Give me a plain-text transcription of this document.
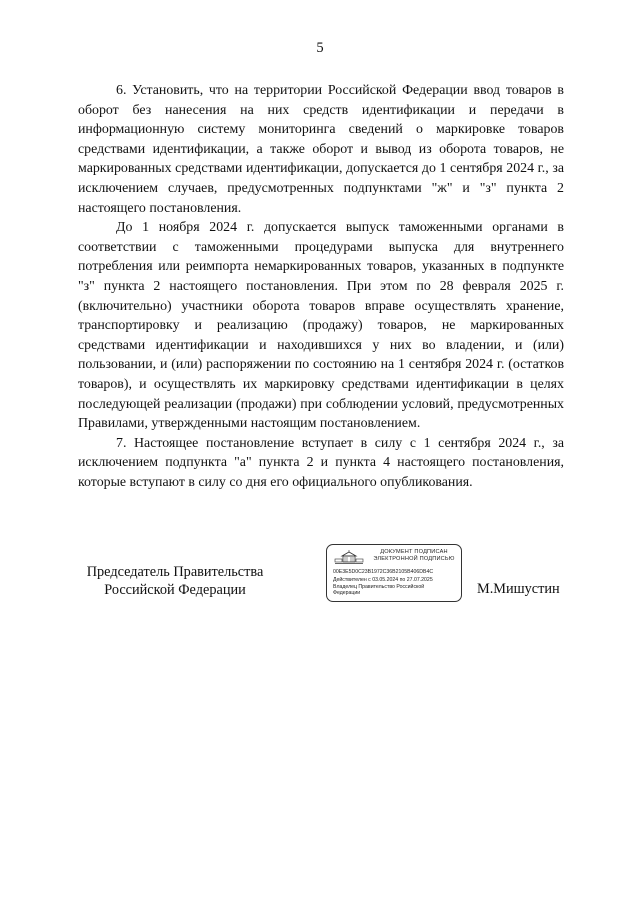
5

6. Установить, что на территории Российской Федерации ввод товаров в оборот без нанесения на них средств идентификации и передачи в информационную систему мониторинга сведений о маркировке товаров средствами идентификации, а также оборот и вывод из оборота товаров, не маркированных средствами идентификации, допускается до 1 сентября 2024 г., за исключением случаев, предусмотренных подпунктами "ж" и "з" пункта 2 настоящего постановления.

До 1 ноября 2024 г. допускается выпуск таможенными органами в соответствии с таможенными процедурами выпуска для внутреннего потребления или реимпорта немаркированных товаров, указанных в подпункте "з" пункта 2 настоящего постановления. При этом по 28 февраля 2025 г. (включительно) участники оборота товаров вправе осуществлять хранение, транспортировку и реализацию (продажу) товаров, не маркированных средствами идентификации и находившихся у них во владении, и (или) пользовании, и (или) распоряжении по состоянию на 1 сентября 2024 г. (остатков товаров), и осуществлять их маркировку средствами идентификации в целях последующей реализации (продажи) при соблюдении условий, предусмотренных Правилами, утвержденными настоящим постановлением.

7. Настоящее постановление вступает в силу с 1 сентября 2024 г., за исключением подпункта "а" пункта 2 и пункта 4 настоящего постановления, которые вступают в силу со дня его официального опубликования.

Председатель Правительства
Российской Федерации
ДОКУМЕНТ ПОДПИСАН
ЭЛЕКТРОННОЙ ПОДПИСЬЮ
00E3E5D0C23B1972C36B2105B406DB4C
Действителен с 03.05.2024 по 27.07.2025
Владелец Правительство Российской
Федерации	М.Мишустин
